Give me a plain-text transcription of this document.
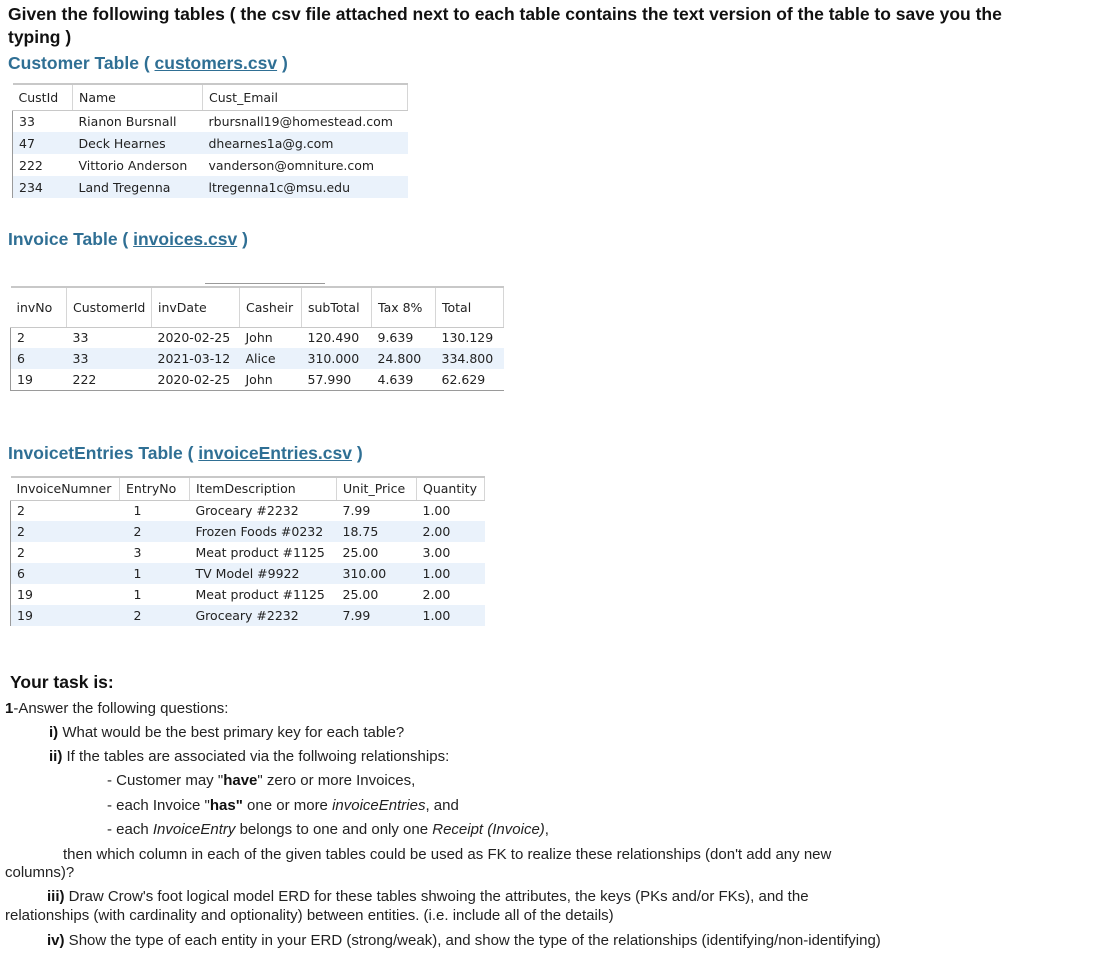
Given the following tables ( the csv file attached next to each table contains the text version of the table to save you the typing )
Customer Table ( customers.csv )
CustId	Name	Cust_Email
33	Rianon Bursnall	rbursnall19@homestead.com
47	Deck Hearnes	dhearnes1a@g.com
222	Vittorio Anderson	vanderson@omniture.com
234	Land Tregenna	ltregenna1c@msu.edu
Invoice Table ( invoices.csv )
invNo	CustomerId	invDate	Casheir	subTotal	Tax 8%	Total
2	33	2020-02-25	John	120.490	9.639	130.129
6	33	2021-03-12	Alice	310.000	24.800	334.800
19	222	2020-02-25	John	57.990	4.639	62.629
InvoicetEntries Table ( invoiceEntries.csv )
InvoiceNumner	EntryNo	ItemDescription	Unit_Price	Quantity
2	1	Groceary #2232	7.99	1.00
2	2	Frozen Foods #0232	18.75	2.00
2	3	Meat product #1125	25.00	3.00
6	1	TV Model #9922	310.00	1.00
19	1	Meat product #1125	25.00	2.00
19	2	Groceary #2232	7.99	1.00
Your task is:
1-Answer the following questions:
i) What would be the best primary key for each table?
ii) If the tables are associated via the follwoing relationships:
- Customer may "have" zero or more Invoices,
- each Invoice "has" one or more invoiceEntries, and
- each InvoiceEntry belongs to one and only one Receipt (Invoice),
then which column in each of the given tables could be used as FK to realize these relationships (don't add any new
columns)?
iii) Draw Crow's foot logical model ERD for these tables shwoing the attributes, the keys (PKs and/or FKs), and the
relationships (with cardinality and optionality) between entities. (i.e. include all of the details)
iv) Show the type of each entity in your ERD (strong/weak), and show the type of the relationships (identifying/non-identifying)
